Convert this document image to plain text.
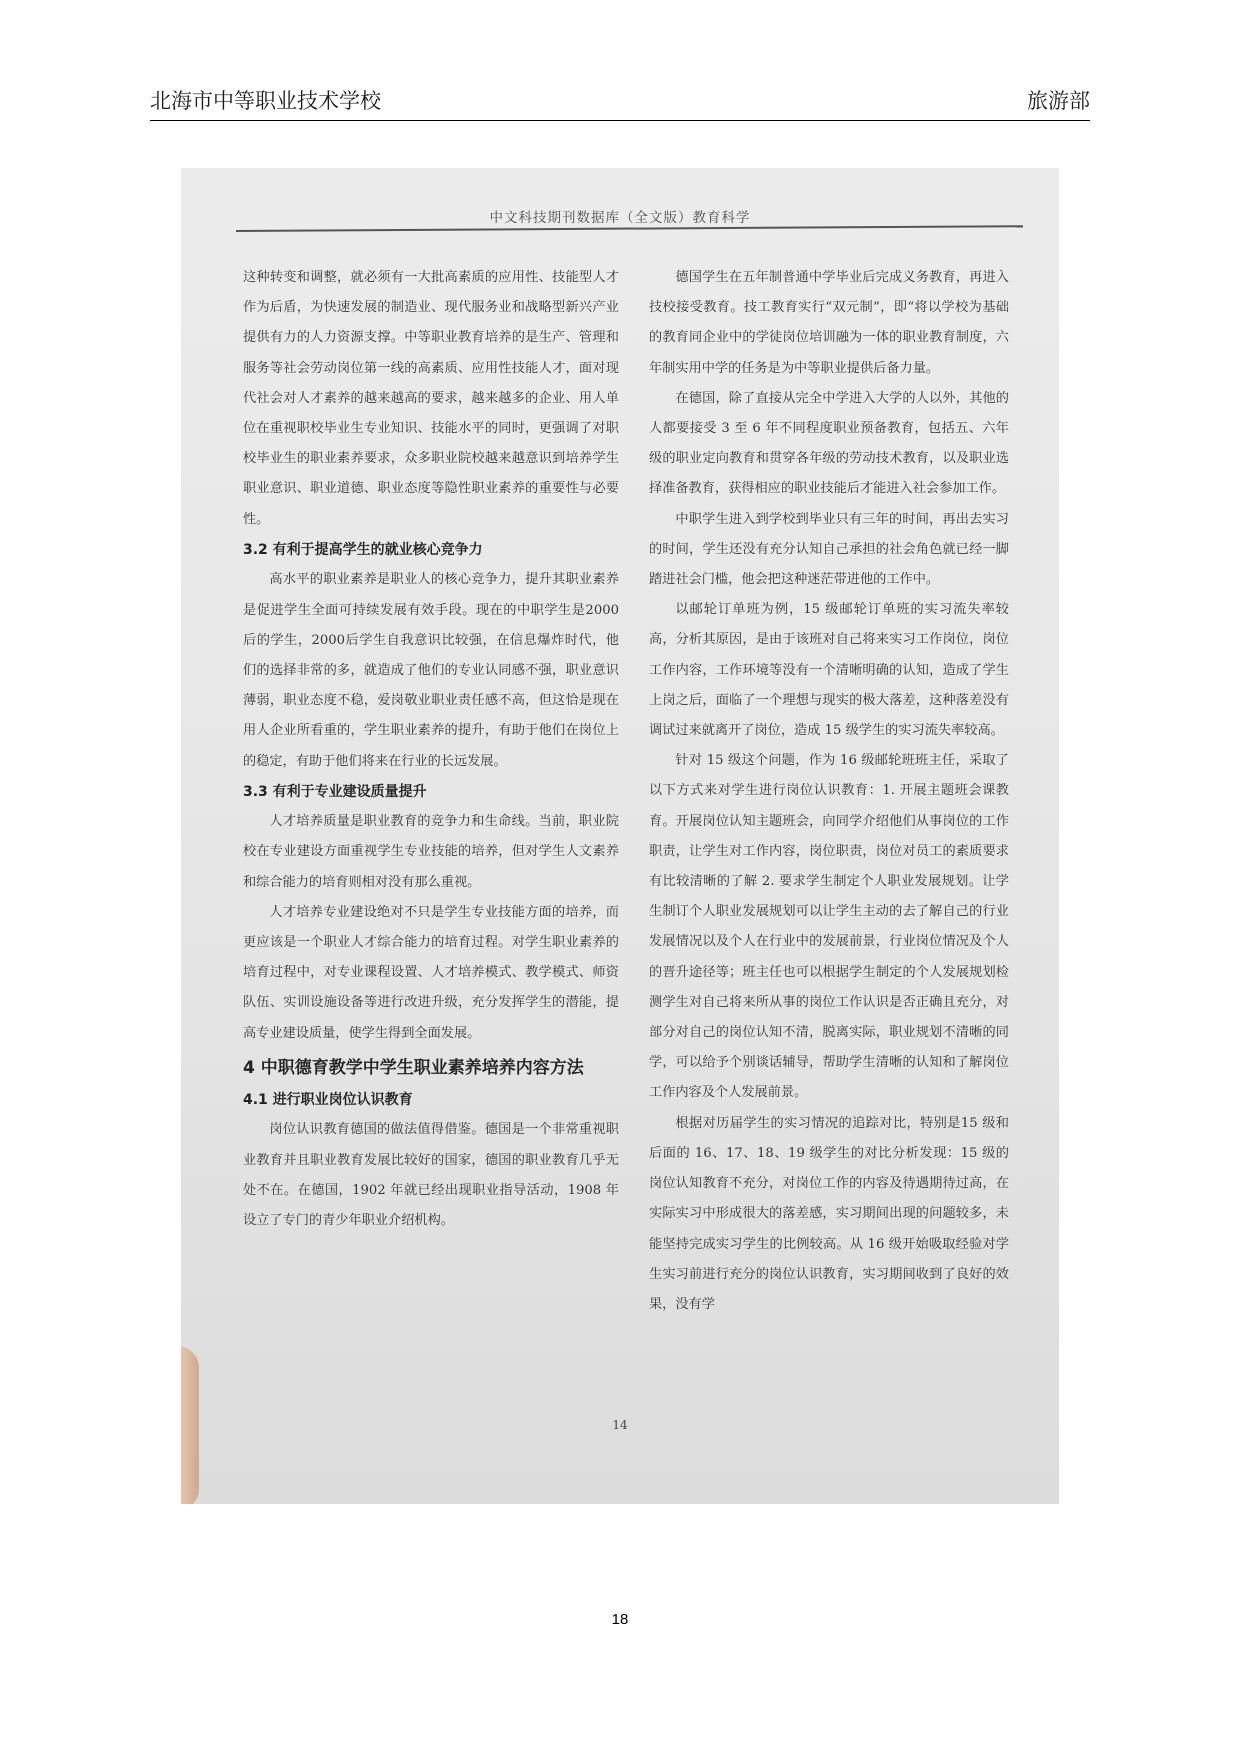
北海市中等职业技术学校	旅游部
中文科技期刊数据库（全文版）教育科学

这种转变和调整，就必须有一大批高素质的应用性、技能型人才作为后盾，为快速发展的制造业、现代服务业和战略型新兴产业提供有力的人力资源支撑。中等职业教育培养的是生产、管理和服务等社会劳动岗位第一线的高素质、应用性技能人才，面对现代社会对人才素养的越来越高的要求，越来越多的企业、用人单位在重视职校毕业生专业知识、技能水平的同时，更强调了对职校毕业生的职业素养要求，众多职业院校越来越意识到培养学生职业意识、职业道德、职业态度等隐性职业素养的重要性与必要性。

3.2 有利于提高学生的就业核心竞争力

高水平的职业素养是职业人的核心竞争力，提升其职业素养是促进学生全面可持续发展有效手段。现在的中职学生是2000后的学生，2000后学生自我意识比较强，在信息爆炸时代，他们的选择非常的多，就造成了他们的专业认同感不强，职业意识薄弱，职业态度不稳，爱岗敬业职业责任感不高，但这恰是现在用人企业所看重的，学生职业素养的提升，有助于他们在岗位上的稳定，有助于他们将来在行业的长远发展。

3.3 有利于专业建设质量提升

人才培养质量是职业教育的竞争力和生命线。当前，职业院校在专业建设方面重视学生专业技能的培养，但对学生人文素养和综合能力的培育则相对没有那么重视。

人才培养专业建设绝对不只是学生专业技能方面的培养，而更应该是一个职业人才综合能力的培育过程。对学生职业素养的培育过程中，对专业课程设置、人才培养模式、教学模式、师资队伍、实训设施设备等进行改进升级，充分发挥学生的潜能，提高专业建设质量，使学生得到全面发展。

4 中职德育教学中学生职业素养培养内容方法
4.1 进行职业岗位认识教育

岗位认识教育德国的做法值得借鉴。德国是一个非常重视职业教育并且职业教育发展比较好的国家，德国的职业教育几乎无处不在。在德国，1902 年就已经出现职业指导活动，1908 年设立了专门的青少年职业介绍机构。

德国学生在五年制普通中学毕业后完成义务教育，再进入技校接受教育。技工教育实行“双元制”，即“将以学校为基础的教育同企业中的学徒岗位培训融为一体的职业教育制度，六年制实用中学的任务是为中等职业提供后备力量。

在德国，除了直接从完全中学进入大学的人以外，其他的人都要接受 3 至 6 年不同程度职业预备教育，包括五、六年级的职业定向教育和贯穿各年级的劳动技术教育，以及职业选择准备教育，获得相应的职业技能后才能进入社会参加工作。

中职学生进入到学校到毕业只有三年的时间，再出去实习的时间，学生还没有充分认知自己承担的社会角色就已经一脚踏进社会门槛，他会把这种迷茫带进他的工作中。

以邮轮订单班为例，15 级邮轮订单班的实习流失率较高，分析其原因，是由于该班对自己将来实习工作岗位，岗位工作内容，工作环境等没有一个清晰明确的认知，造成了学生上岗之后，面临了一个理想与现实的极大落差，这种落差没有调试过来就离开了岗位，造成 15 级学生的实习流失率较高。

针对 15 级这个问题，作为 16 级邮轮班班主任，采取了以下方式来对学生进行岗位认识教育：1. 开展主题班会课教育。开展岗位认知主题班会，向同学介绍他们从事岗位的工作职责，让学生对工作内容，岗位职责，岗位对员工的素质要求有比较清晰的了解 2. 要求学生制定个人职业发展规划。让学生制订个人职业发展规划可以让学生主动的去了解自己的行业发展情况以及个人在行业中的发展前景，行业岗位情况及个人的晋升途径等；班主任也可以根据学生制定的个人发展规划检测学生对自己将来所从事的岗位工作认识是否正确且充分，对部分对自己的岗位认知不清，脱离实际，职业规划不清晰的同学，可以给予个别谈话辅导，帮助学生清晰的认知和了解岗位工作内容及个人发展前景。

根据对历届学生的实习情况的追踪对比，特别是15 级和后面的 16、17、18、19 级学生的对比分析发现：15 级的岗位认知教育不充分，对岗位工作的内容及待遇期待过高，在实际实习中形成很大的落差感，实习期间出现的问题较多，未能坚持完成实习学生的比例较高。从 16 级开始吸取经验对学生实习前进行充分的岗位认识教育，实习期间收到了良好的效果，没有学

14
18
